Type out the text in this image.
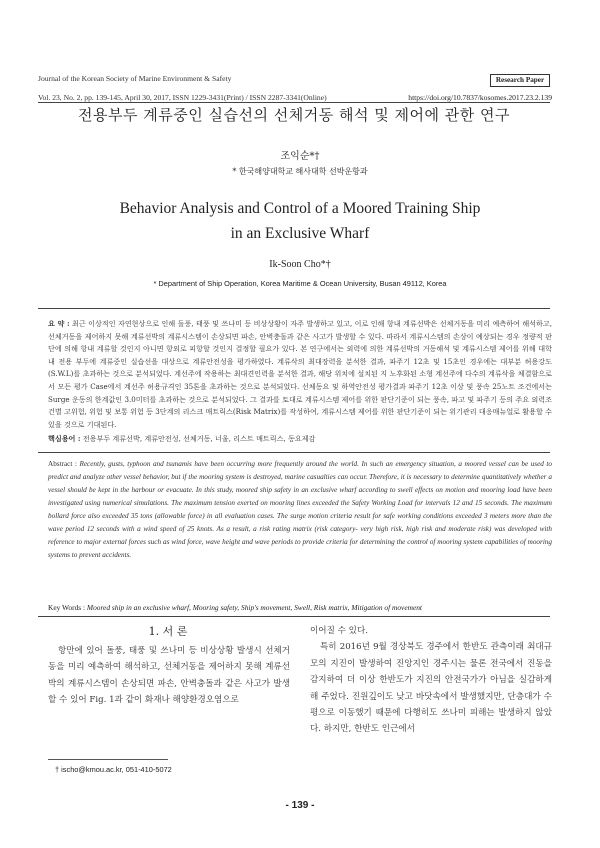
Journal of the Korean Society of Marine Environment & Safety	Research Paper
Vol. 23, No. 2, pp. 139-145, April 30, 2017, ISSN 1229-3431(Print) / ISSN 2287-3341(Online)	https://doi.org/10.7837/kosomes.2017.23.2.139
전용부두 계류중인 실습선의 선체거동 해석 및 제어에 관한 연구
조익순*†
* 한국해양대학교 해사대학 선박운항과
Behavior Analysis and Control of a Moored Training Ship
in an Exclusive Wharf
Ik-Soon Cho*†
* Department of Ship Operation, Korea Maritime & Ocean University, Busan 49112, Korea
요 약 : 최근 이상적인 자연현상으로 인해 돌풍, 태풍 및 쓰나미 등 비상상황이 자주 발생하고 있고, 이로 인해 항내 계류선박은 선체거동을 미리 예측하여 해석하고, 선체거동을 제어하지 못해 계류선박의 계류시스템이 손상되면 파손, 안벽충돌과 같은 사고가 발생할 수 있다. 따라서 계류시스템의 손상이 예상되는 경우 정량적 판단에 의해 항내 계류할 것인지 아니면 항외로 피항할 것인지 결정할 필요가 있다. 본 연구에서는 외력에 의한 계류선박의 거동해석 및 계류시스템 제어를 위해 대학내 전용 부두에 계류중인 실습선을 대상으로 계류안전성을 평가하였다. 계류삭의 최대장력을 분석한 결과, 파주기 12초 및 15초인 경우에는 대부분 허용강도(S.W.L)를 초과하는 것으로 분석되었다. 계선주에 작용하는 최대견인력을 분석한 결과, 해당 위치에 설치된 지 노후화된 소형 계선주에 다수의 계류삭을 체결함으로서 모든 평가 Case에서 계선주 허용규격인 35톤을 초과하는 것으로 분석되었다. 선체동요 및 하역안전성 평가결과 파주기 12초 이상 및 풍속 25노트 조건에서는 Surge 운동의 한계값인 3.0미터를 초과하는 것으로 분석되었다. 그 결과를 토대로 계류시스템 제어를 위한 판단기준이 되는 풍속, 파고 및 파주기 등의 주요 외력조건별 고위험, 위험 및 보통 위험 등 3단계의 리스크 매트릭스(Risk Matrix)를 작성하여, 계류시스템 제어를 위한 판단기준이 되는 위기관리 대응매뉴얼로 활용할 수 있을 것으로 기대된다.
핵심용어 : 전용부두 계류선박, 계류안전성, 선체거동, 너울, 리스트 매트릭스, 동요제감
Abstract : Recently, gusts, typhoon and tsunamis have been occurring more frequently around the world. In such an emergency situation, a moored vessel can be used to predict and analyze other vessel behavior, but if the mooring system is destroyed, marine casualties can occur. Therefore, it is necessary to determine quantitatively whether a vessel should be kept in the harbour or evacuate. In this study, moored ship safety in an exclusive wharf according to swell effects on motion and mooring load have been investigated using numerical simulations. The maximum tension exerted on mooring lines exceeded the Safety Working Load for intervals 12 and 15 seconds. The maximum bollard force also exceeded 35 tons (allowable force) in all evaluation cases. The surge motion criteria result for safe working conditions exceeded 3 meters more than the wave period 12 seconds with a wind speed of 25 knots. As a result, a risk rating matrix (risk category- very high risk, high risk and moderate risk) was developed with reference to major external forces such as wind force, wave height and wave periods to provide criteria for determining the control of mooring system capabilities of mooring systems to prevent accidents.
Key Words : Moored ship in an exclusive wharf, Mooring safety, Ship's movement, Swell, Risk matrix, Mitigation of movement
1. 서 론
항만에 있어 돌풍, 태풍 및 쓰나미 등 비상상황 발생시 선체거동을 미리 예측하여 해석하고, 선체거동을 제어하지 못해 계류선박의 계류시스템이 손상되면 파손, 안벽충돌과 같은 사고가 발생할 수 있어 Fig. 1과 같이 화재나 해양환경오염으로
이어질 수 있다.
특히 2016년 9월 경상북도 경주에서 한반도 관측이래 최대규모의 지진이 발생하여 진앙지인 경주시는 물론 전국에서 진동을 감지하여 더 이상 한반도가 지진의 안전국가가 아님을 실감하게 해 주었다. 진원깊이도 낮고 바닷속에서 발생했지만, 단층대가 수평으로 이동했기 때문에 다행히도 쓰나미 피해는 발생하지 않았다. 하지만, 한반도 인근에서
† ischo@kmou.ac.kr, 051-410-5072
- 139 -
